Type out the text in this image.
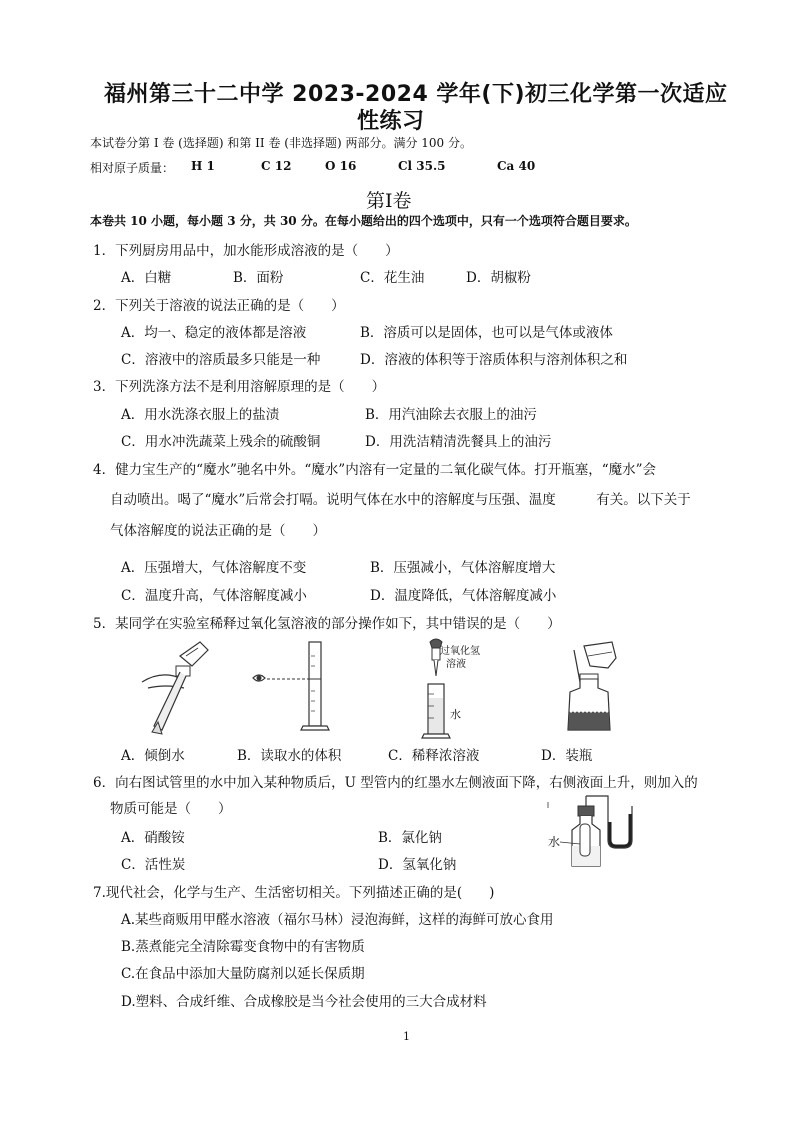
福州第三十二中学 2023-2024 学年(下)初三化学第一次适应
性练习
本试卷分第 I 卷 (选择题) 和第 II 卷 (非选择题) 两部分。满分 100 分。
相对原子质量： H 1	C 12	O 16	Cl 35.5	Ca 40
第Ⅰ卷
本卷共 10 小题，每小题 3 分，共 30 分。在每小题给出的四个选项中，只有一个选项符合题目要求。
1．下列厨房用品中，加水能形成溶液的是（　　）
A．白糖	B．面粉	C．花生油	D．胡椒粉
2．下列关于溶液的说法正确的是（　　）
A．均一、稳定的液体都是溶液	B．溶质可以是固体，也可以是气体或液体
C．溶液中的溶质最多只能是一种	D．溶液的体积等于溶质体积与溶剂体积之和
3．下列洗涤方法不是利用溶解原理的是（　　）
A．用水洗涤衣服上的盐渍	B．用汽油除去衣服上的油污
C．用水冲洗蔬菜上残余的硫酸铜	D．用洗洁精清洗餐具上的油污
4．健力宝生产的“魔水”驰名中外。“魔水”内溶有一定量的二氧化碳气体。打开瓶塞，“魔水”会
自动喷出。喝了“魔水”后常会打嗝。说明气体在水中的溶解度与压强、温度　　　有关。以下关于
气体溶解度的说法正确的是（　　）
A．压强增大，气体溶解度不变	B．压强减小，气体溶解度增大
C．温度升高，气体溶解度减小	D．温度降低，气体溶解度减小
5．某同学在实验室稀释过氧化氢溶液的部分操作如下，其中错误的是（　　）
过氧化氢
溶液
水
A．倾倒水	B．读取水的体积	C．稀释浓溶液	D．装瓶
6．向右图试管里的水中加入某种物质后，U 型管内的红墨水左侧液面下降，右侧液面上升，则加入的
物质可能是（　　）
A．硝酸铵	B．氯化钠
C．活性炭	D．氢氧化钠
水
7.现代社会，化学与生产、生活密切相关。下列描述正确的是(　　)
A.某些商贩用甲醛水溶液（福尔马林）浸泡海鲜，这样的海鲜可放心食用
B.蒸煮能完全清除霉变食物中的有害物质
C.在食品中添加大量防腐剂以延长保质期
D.塑料、合成纤维、合成橡胶是当今社会使用的三大合成材料
1
